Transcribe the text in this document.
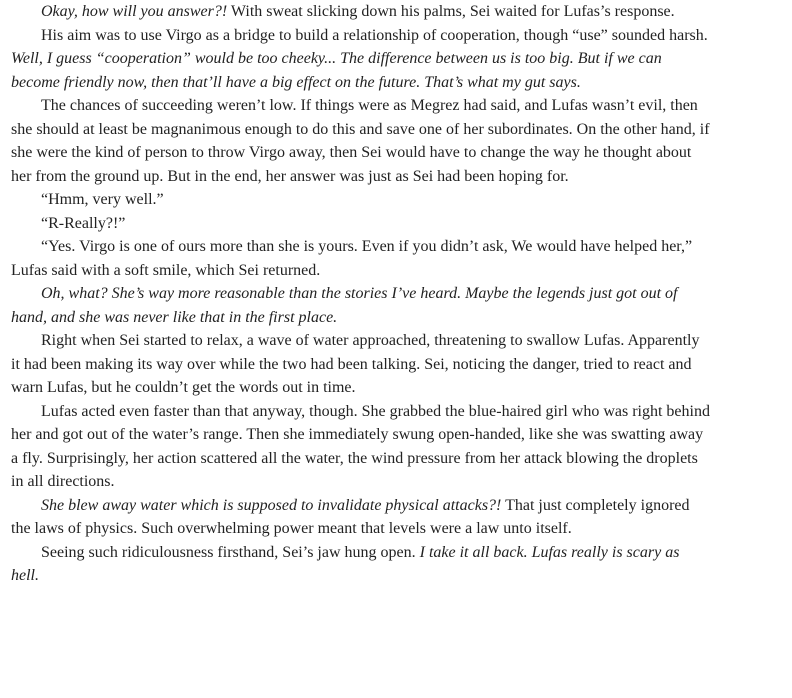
Okay, how will you answer?! With sweat slicking down his palms, Sei waited for Lufas’s response.

His aim was to use Virgo as a bridge to build a relationship of cooperation, though “use” sounded harsh. Well, I guess “cooperation” would be too cheeky... The difference between us is too big. But if we can become friendly now, then that’ll have a big effect on the future. That’s what my gut says.

The chances of succeeding weren’t low. If things were as Megrez had said, and Lufas wasn’t evil, then she should at least be magnanimous enough to do this and save one of her subordinates. On the other hand, if she were the kind of person to throw Virgo away, then Sei would have to change the way he thought about her from the ground up. But in the end, her answer was just as Sei had been hoping for.

“Hmm, very well.”

“R-Really?!”

“Yes. Virgo is one of ours more than she is yours. Even if you didn’t ask, We would have helped her,” Lufas said with a soft smile, which Sei returned.

Oh, what? She’s way more reasonable than the stories I’ve heard. Maybe the legends just got out of hand, and she was never like that in the first place.

Right when Sei started to relax, a wave of water approached, threatening to swallow Lufas. Apparently it had been making its way over while the two had been talking. Sei, noticing the danger, tried to react and warn Lufas, but he couldn’t get the words out in time.

Lufas acted even faster than that anyway, though. She grabbed the blue-haired girl who was right behind her and got out of the water’s range. Then she immediately swung open-handed, like she was swatting away a fly. Surprisingly, her action scattered all the water, the wind pressure from her attack blowing the droplets in all directions.

She blew away water which is supposed to invalidate physical attacks?! That just completely ignored the laws of physics. Such overwhelming power meant that levels were a law unto itself.

Seeing such ridiculousness firsthand, Sei’s jaw hung open. I take it all back. Lufas really is scary as hell.
